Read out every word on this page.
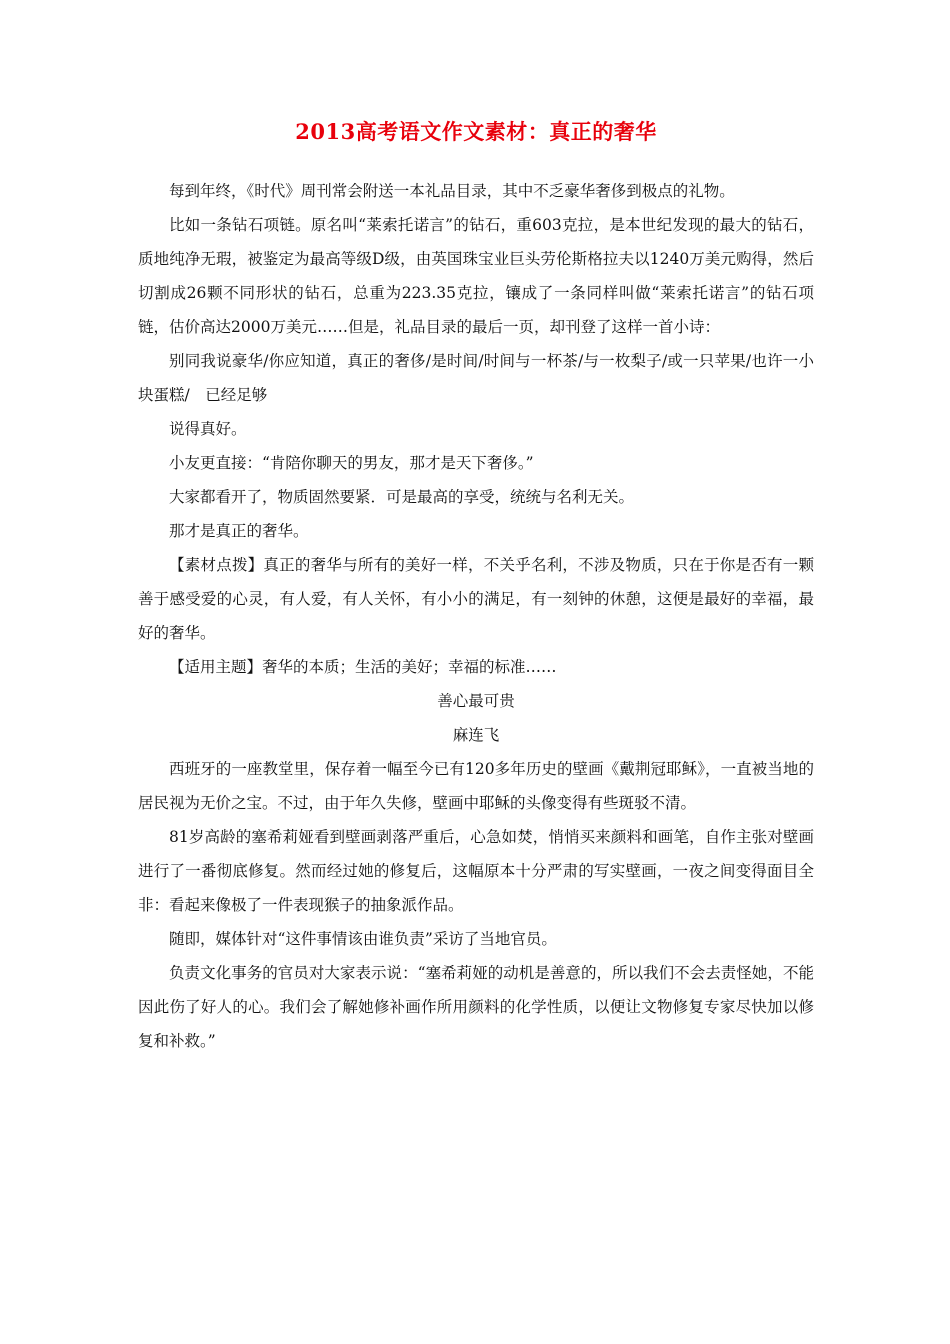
2013高考语文作文素材：真正的奢华

每到年终，《时代》周刊常会附送一本礼品目录，其中不乏豪华奢侈到极点的礼物。

比如一条钻石项链。原名叫“莱索托诺言”的钻石，重603克拉，是本世纪发现的最大的钻石，质地纯净无瑕，被鉴定为最高等级D级，由英国珠宝业巨头劳伦斯格拉夫以1240万美元购得，然后切割成26颗不同形状的钻石，总重为223.35克拉，镶成了一条同样叫做“莱索托诺言”的钻石项链，估价高达2000万美元……但是，礼品目录的最后一页，却刊登了这样一首小诗：

别同我说豪华/你应知道，真正的奢侈/是时间/时间与一杯茶/与一枚梨子/或一只苹果/也许一小块蛋糕/　已经足够

说得真好。

小友更直接：“肯陪你聊天的男友，那才是天下奢侈。”

大家都看开了，物质固然要紧．可是最高的享受，统统与名利无关。

那才是真正的奢华。

【素材点拨】真正的奢华与所有的美好一样，不关乎名利，不涉及物质，只在于你是否有一颗善于感受爱的心灵，有人爱，有人关怀，有小小的满足，有一刻钟的休憩，这便是最好的幸福，最好的奢华。

【适用主题】奢华的本质；生活的美好；幸福的标准……

善心最可贵

麻连飞

西班牙的一座教堂里，保存着一幅至今已有120多年历史的壁画《戴荆冠耶稣》，一直被当地的居民视为无价之宝。不过，由于年久失修，壁画中耶稣的头像变得有些斑驳不清。

81岁高龄的塞希莉娅看到壁画剥落严重后，心急如焚，悄悄买来颜料和画笔，自作主张对壁画进行了一番彻底修复。然而经过她的修复后，这幅原本十分严肃的写实壁画，一夜之间变得面目全非：看起来像极了一件表现猴子的抽象派作品。

随即，媒体针对“这件事情该由谁负责”采访了当地官员。

负责文化事务的官员对大家表示说：“塞希莉娅的动机是善意的，所以我们不会去责怪她，不能因此伤了好人的心。我们会了解她修补画作所用颜料的化学性质，以便让文物修复专家尽快加以修复和补救。”
